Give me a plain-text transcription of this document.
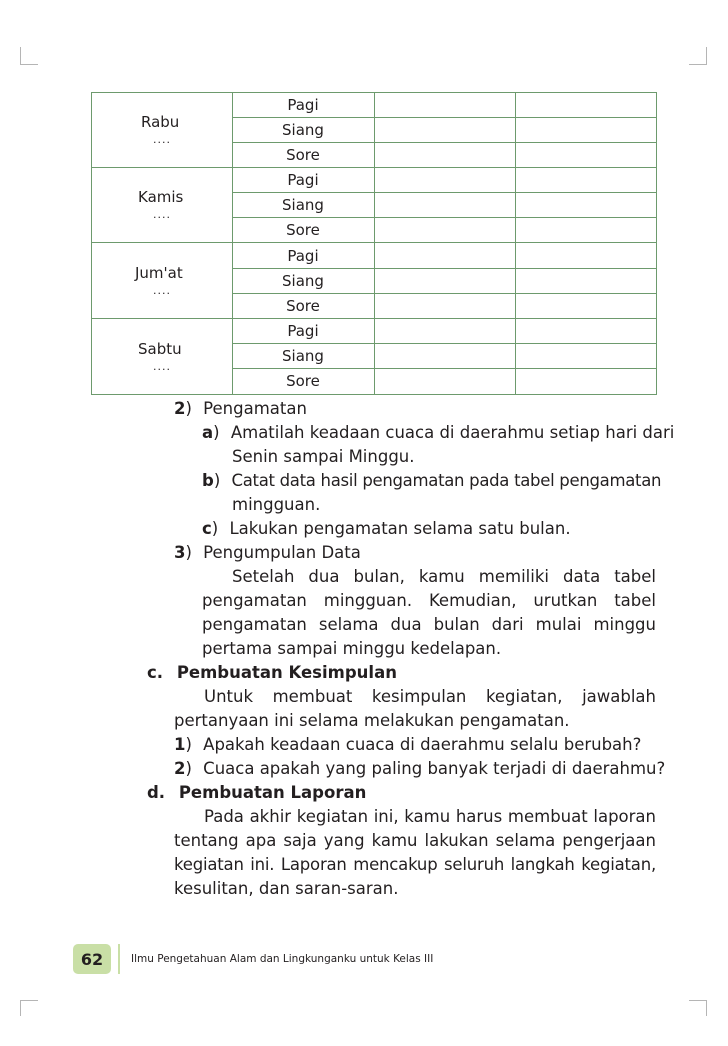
Rabu
....
Pagi
Siang
Sore
Kamis
....
Pagi
Siang
Sore
Jum'at
....
Pagi
Siang
Sore
Sabtu
....
Pagi
Siang
Sore
2) Pengamatan
a) Amatilah keadaan cuaca di daerahmu setiap hari dari
Senin sampai Minggu.
b) Catat data hasil pengamatan pada tabel pengamatan
mingguan.
c) Lakukan pengamatan selama satu bulan.
3) Pengumpulan Data
Setelah dua bulan, kamu memiliki data tabel
pengamatan mingguan. Kemudian, urutkan tabel
pengamatan selama dua bulan dari mulai minggu
pertama sampai minggu kedelapan.
c. Pembuatan Kesimpulan
Untuk membuat kesimpulan kegiatan, jawablah
pertanyaan ini selama melakukan pengamatan.
1) Apakah keadaan cuaca di daerahmu selalu berubah?
2) Cuaca apakah yang paling banyak terjadi di daerahmu?
d. Pembuatan Laporan
Pada akhir kegiatan ini, kamu harus membuat laporan
tentang apa saja yang kamu lakukan selama pengerjaan
kegiatan ini. Laporan mencakup seluruh langkah kegiatan,
kesulitan, dan saran-saran.
62	Ilmu Pengetahuan Alam dan Lingkunganku untuk Kelas III
